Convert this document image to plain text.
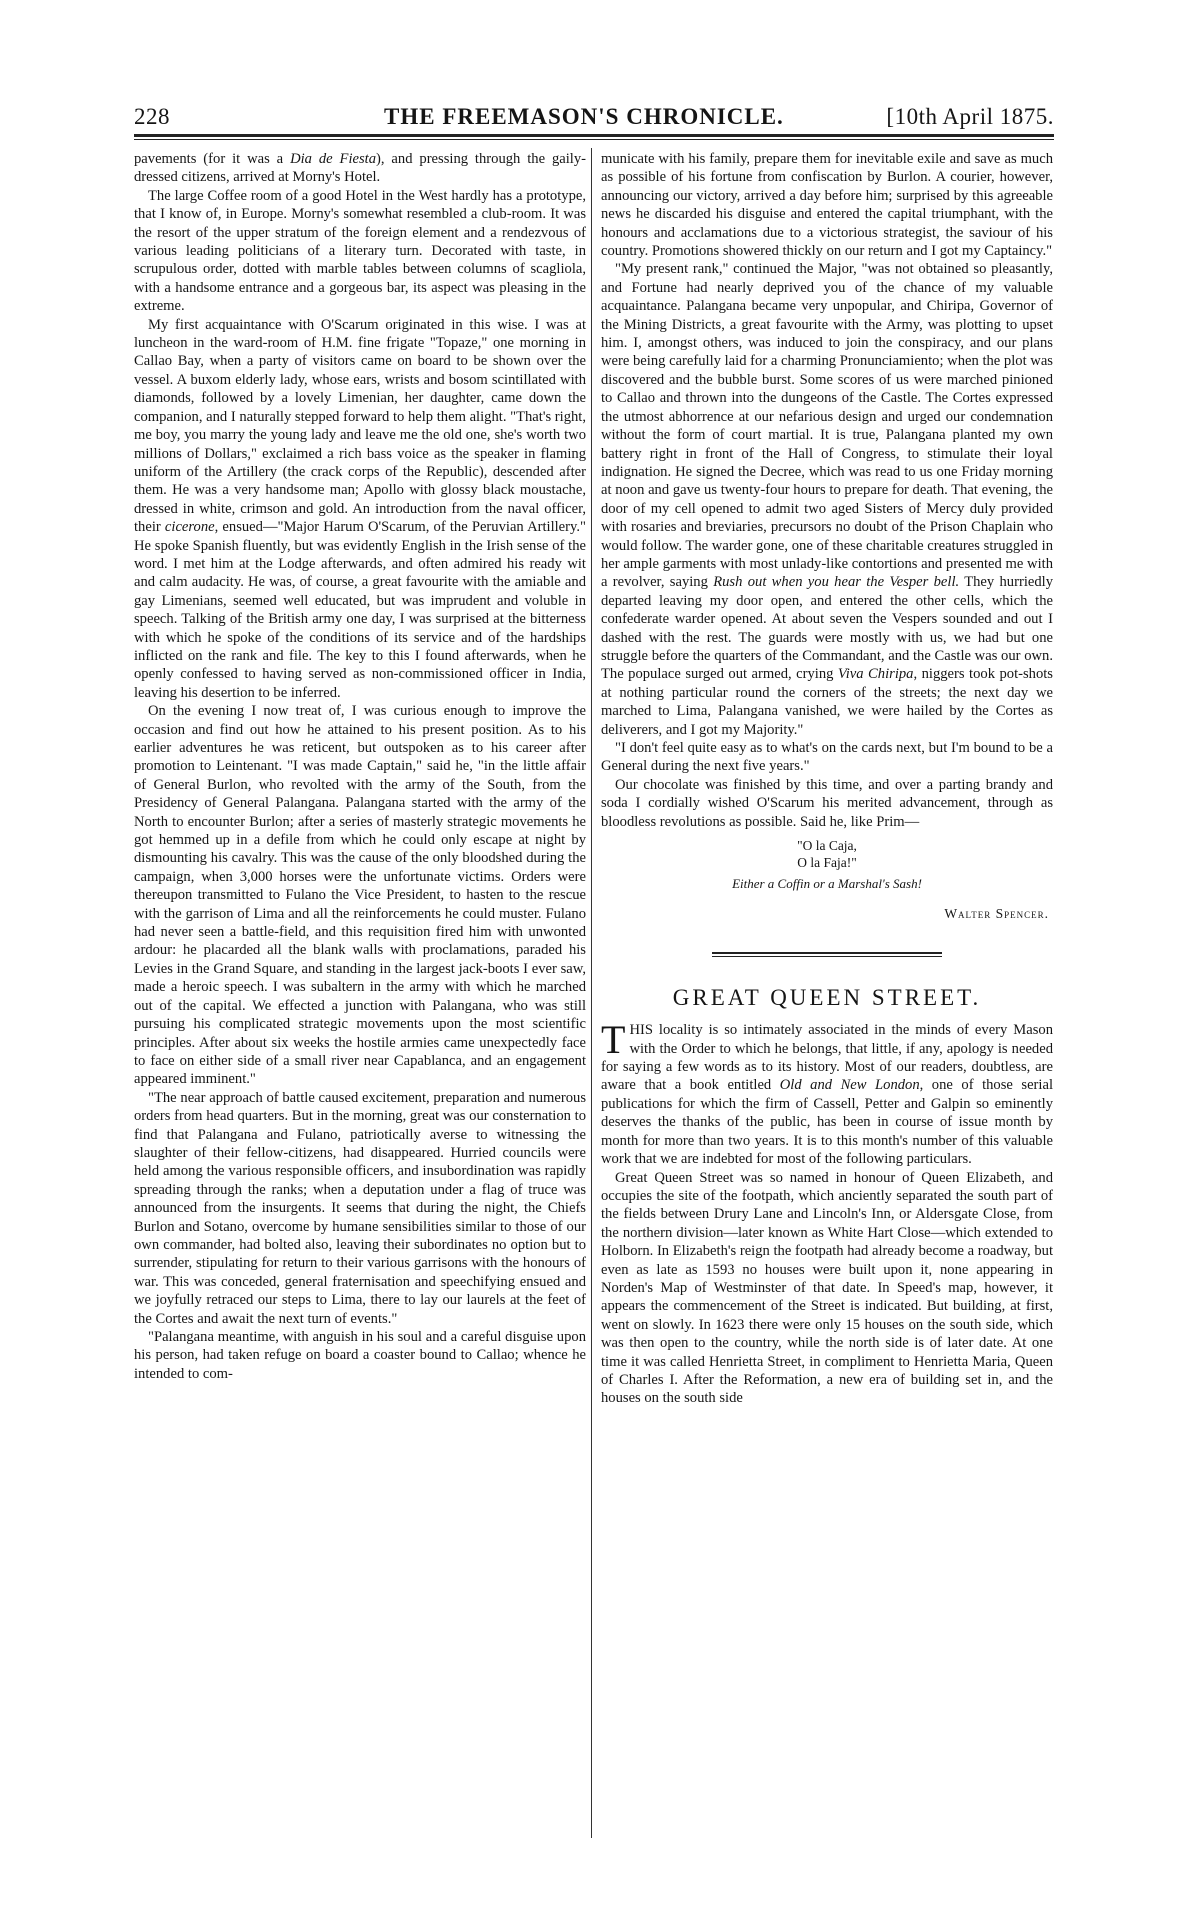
228	THE FREEMASON'S CHRONICLE.	[10th April 1875.

pavements (for it was a Dia de Fiesta), and pressing through the gaily-dressed citizens, arrived at Morny's Hotel.

The large Coffee room of a good Hotel in the West hardly has a prototype, that I know of, in Europe. Morny's somewhat resembled a club-room. It was the resort of the upper stratum of the foreign element and a rendezvous of various leading politicians of a literary turn. Decorated with taste, in scrupulous order, dotted with marble tables between columns of scagliola, with a handsome entrance and a gorgeous bar, its aspect was pleasing in the extreme.

My first acquaintance with O'Scarum originated in this wise. I was at luncheon in the ward-room of H.M. fine frigate "Topaze," one morning in Callao Bay, when a party of visitors came on board to be shown over the vessel. A buxom elderly lady, whose ears, wrists and bosom scintillated with diamonds, followed by a lovely Limenian, her daughter, came down the companion, and I naturally stepped forward to help them alight. "That's right, me boy, you marry the young lady and leave me the old one, she's worth two millions of Dollars," exclaimed a rich bass voice as the speaker in flaming uniform of the Artillery (the crack corps of the Republic), descended after them. He was a very handsome man; Apollo with glossy black moustache, dressed in white, crimson and gold. An introduction from the naval officer, their cicerone, ensued—"Major Harum O'Scarum, of the Peruvian Artillery." He spoke Spanish fluently, but was evidently English in the Irish sense of the word. I met him at the Lodge afterwards, and often admired his ready wit and calm audacity. He was, of course, a great favourite with the amiable and gay Limenians, seemed well educated, but was imprudent and voluble in speech. Talking of the British army one day, I was surprised at the bitterness with which he spoke of the conditions of its service and of the hardships inflicted on the rank and file. The key to this I found afterwards, when he openly confessed to having served as non-commissioned officer in India, leaving his desertion to be inferred.

On the evening I now treat of, I was curious enough to improve the occasion and find out how he attained to his present position. As to his earlier adventures he was reticent, but outspoken as to his career after promotion to Leintenant. "I was made Captain," said he, "in the little affair of General Burlon, who revolted with the army of the South, from the Presidency of General Palangana. Palangana started with the army of the North to encounter Burlon; after a series of masterly strategic movements he got hemmed up in a defile from which he could only escape at night by dismounting his cavalry. This was the cause of the only bloodshed during the campaign, when 3,000 horses were the unfortunate victims. Orders were thereupon transmitted to Fulano the Vice President, to hasten to the rescue with the garrison of Lima and all the reinforcements he could muster. Fulano had never seen a battle-field, and this requisition fired him with unwonted ardour: he placarded all the blank walls with proclamations, paraded his Levies in the Grand Square, and standing in the largest jack-boots I ever saw, made a heroic speech. I was subaltern in the army with which he marched out of the capital. We effected a junction with Palangana, who was still pursuing his complicated strategic movements upon the most scientific principles. After about six weeks the hostile armies came unexpectedly face to face on either side of a small river near Capablanca, and an engagement appeared imminent."

"The near approach of battle caused excitement, preparation and numerous orders from head quarters. But in the morning, great was our consternation to find that Palangana and Fulano, patriotically averse to witnessing the slaughter of their fellow-citizens, had disappeared. Hurried councils were held among the various responsible officers, and insubordination was rapidly spreading through the ranks; when a deputation under a flag of truce was announced from the insurgents. It seems that during the night, the Chiefs Burlon and Sotano, overcome by humane sensibilities similar to those of our own commander, had bolted also, leaving their subordinates no option but to surrender, stipulating for return to their various garrisons with the honours of war. This was conceded, general fraternisation and speechifying ensued and we joyfully retraced our steps to Lima, there to lay our laurels at the feet of the Cortes and await the next turn of events."

"Palangana meantime, with anguish in his soul and a careful disguise upon his person, had taken refuge on board a coaster bound to Callao; whence he intended to com-

municate with his family, prepare them for inevitable exile and save as much as possible of his fortune from confiscation by Burlon. A courier, however, announcing our victory, arrived a day before him; surprised by this agreeable news he discarded his disguise and entered the capital triumphant, with the honours and acclamations due to a victorious strategist, the saviour of his country. Promotions showered thickly on our return and I got my Captaincy."

"My present rank," continued the Major, "was not obtained so pleasantly, and Fortune had nearly deprived you of the chance of my valuable acquaintance. Palangana became very unpopular, and Chiripa, Governor of the Mining Districts, a great favourite with the Army, was plotting to upset him. I, amongst others, was induced to join the conspiracy, and our plans were being carefully laid for a charming Pronunciamiento; when the plot was discovered and the bubble burst. Some scores of us were marched pinioned to Callao and thrown into the dungeons of the Castle. The Cortes expressed the utmost abhorrence at our nefarious design and urged our condemnation without the form of court martial. It is true, Palangana planted my own battery right in front of the Hall of Congress, to stimulate their loyal indignation. He signed the Decree, which was read to us one Friday morning at noon and gave us twenty-four hours to prepare for death. That evening, the door of my cell opened to admit two aged Sisters of Mercy duly provided with rosaries and breviaries, precursors no doubt of the Prison Chaplain who would follow. The warder gone, one of these charitable creatures struggled in her ample garments with most unlady-like contortions and presented me with a revolver, saying Rush out when you hear the Vesper bell. They hurriedly departed leaving my door open, and entered the other cells, which the confederate warder opened. At about seven the Vespers sounded and out I dashed with the rest. The guards were mostly with us, we had but one struggle before the quarters of the Commandant, and the Castle was our own. The populace surged out armed, crying Viva Chiripa, niggers took pot-shots at nothing particular round the corners of the streets; the next day we marched to Lima, Palangana vanished, we were hailed by the Cortes as deliverers, and I got my Majority."

"I don't feel quite easy as to what's on the cards next, but I'm bound to be a General during the next five years."

Our chocolate was finished by this time, and over a parting brandy and soda I cordially wished O'Scarum his merited advancement, through as bloodless revolutions as possible. Said he, like Prim—

"O la Caja,
O la Faja!"
Either a Coffin or a Marshal's Sash!
Walter Spencer.
GREAT QUEEN STREET.

THIS locality is so intimately associated in the minds of every Mason with the Order to which he belongs, that little, if any, apology is needed for saying a few words as to its history. Most of our readers, doubtless, are aware that a book entitled Old and New London, one of those serial publications for which the firm of Cassell, Petter and Galpin so eminently deserves the thanks of the public, has been in course of issue month by month for more than two years. It is to this month's number of this valuable work that we are indebted for most of the following particulars.

Great Queen Street was so named in honour of Queen Elizabeth, and occupies the site of the footpath, which anciently separated the south part of the fields between Drury Lane and Lincoln's Inn, or Aldersgate Close, from the northern division—later known as White Hart Close—which extended to Holborn. In Elizabeth's reign the footpath had already become a roadway, but even as late as 1593 no houses were built upon it, none appearing in Norden's Map of Westminster of that date. In Speed's map, however, it appears the commencement of the Street is indicated. But building, at first, went on slowly. In 1623 there were only 15 houses on the south side, which was then open to the country, while the north side is of later date. At one time it was called Henrietta Street, in compliment to Henrietta Maria, Queen of Charles I. After the Reformation, a new era of building set in, and the houses on the south side
